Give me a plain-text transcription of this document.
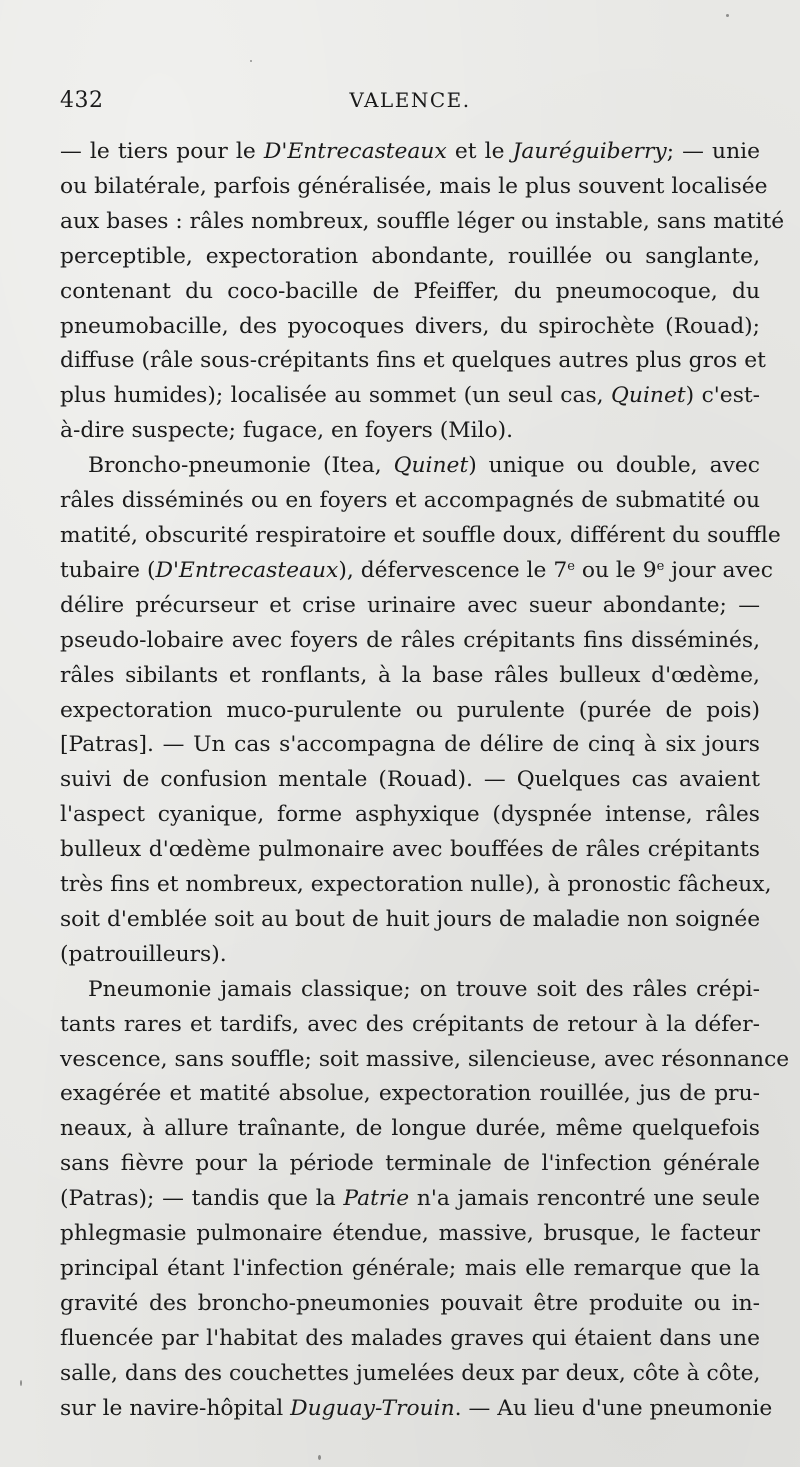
432	VALENCE.
— le tiers pour le D'Entrecasteaux et le Jauréguiberry; — unie
ou bilatérale, parfois généralisée, mais le plus souvent localisée
aux bases : râles nombreux, souffle léger ou instable, sans matité
perceptible, expectoration abondante, rouillée ou sanglante,
contenant du coco-bacille de Pfeiffer, du pneumocoque, du
pneumobacille, des pyocoques divers, du spirochète (Rouad);
diffuse (râle sous-crépitants fins et quelques autres plus gros et
plus humides); localisée au sommet (un seul cas, Quinet) c'est-
à-dire suspecte; fugace, en foyers (Milo).
Broncho-pneumonie (Itea, Quinet) unique ou double, avec
râles disséminés ou en foyers et accompagnés de submatité ou
matité, obscurité respiratoire et souffle doux, différent du souffle
tubaire (D'Entrecasteaux), défervescence le 7e ou le 9e jour avec
délire précurseur et crise urinaire avec sueur abondante; —
pseudo-lobaire avec foyers de râles crépitants fins disséminés,
râles sibilants et ronflants, à la base râles bulleux d'œdème,
expectoration muco-purulente ou purulente (purée de pois)
[Patras]. — Un cas s'accompagna de délire de cinq à six jours
suivi de confusion mentale (Rouad). — Quelques cas avaient
l'aspect cyanique, forme asphyxique (dyspnée intense, râles
bulleux d'œdème pulmonaire avec bouffées de râles crépitants
très fins et nombreux, expectoration nulle), à pronostic fâcheux,
soit d'emblée soit au bout de huit jours de maladie non soignée
(patrouilleurs).
Pneumonie jamais classique; on trouve soit des râles crépi-
tants rares et tardifs, avec des crépitants de retour à la défer-
vescence, sans souffle; soit massive, silencieuse, avec résonnance
exagérée et matité absolue, expectoration rouillée, jus de pru-
neaux, à allure traînante, de longue durée, même quelquefois
sans fièvre pour la période terminale de l'infection générale
(Patras); — tandis que la Patrie n'a jamais rencontré une seule
phlegmasie pulmonaire étendue, massive, brusque, le facteur
principal étant l'infection générale; mais elle remarque que la
gravité des broncho-pneumonies pouvait être produite ou in-
fluencée par l'habitat des malades graves qui étaient dans une
salle, dans des couchettes jumelées deux par deux, côte à côte,
sur le navire-hôpital Duguay-Trouin. — Au lieu d'une pneumonie
